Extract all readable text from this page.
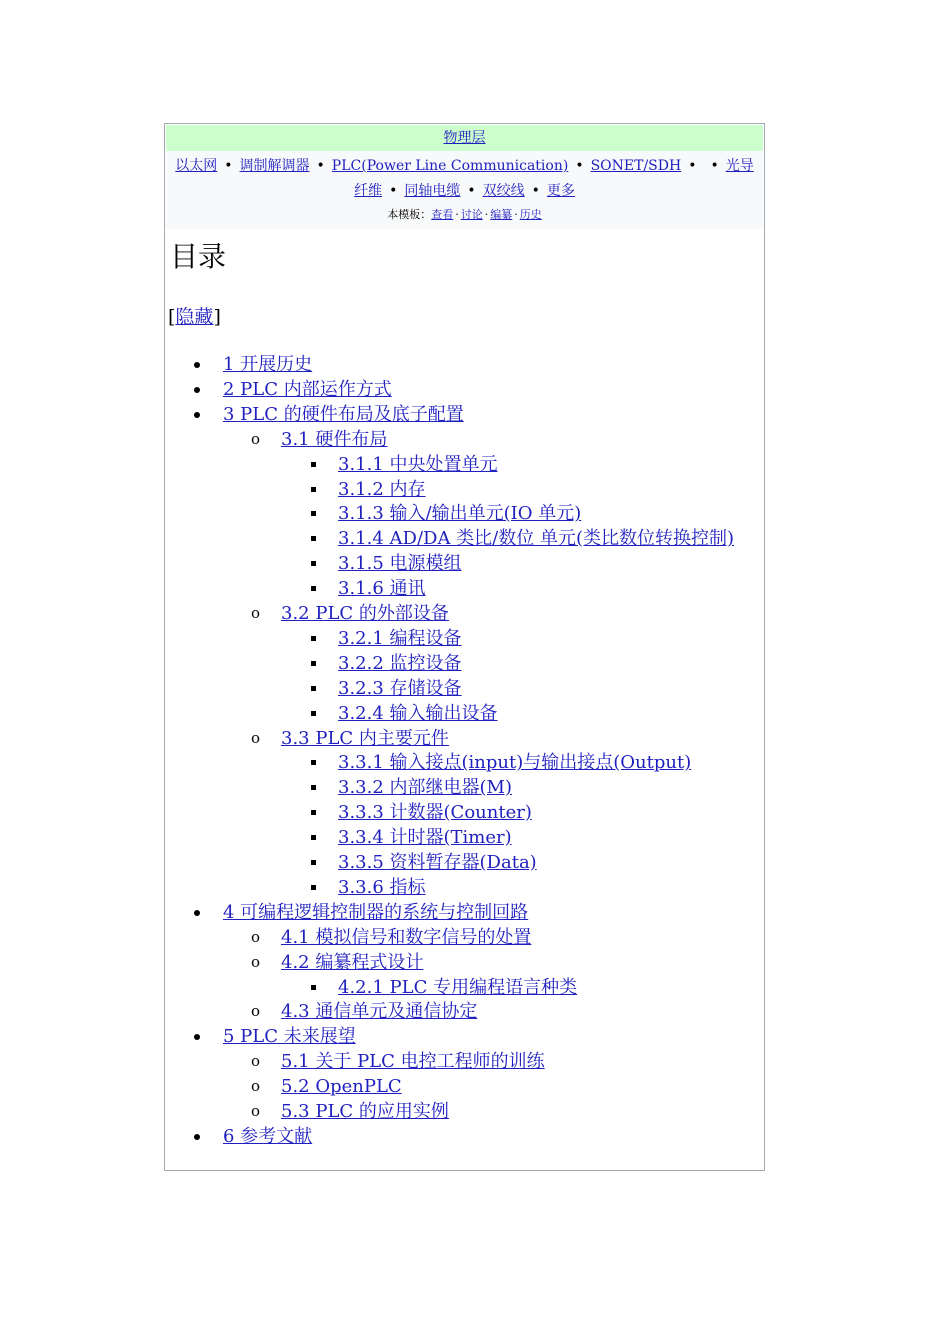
物理层
以太网 • 调制解调器 • PLC(Power Line Communication) • SONET/SDH • • 光导纤维 • 同轴电缆 • 双绞线 • 更多
本模板：查看 · 讨论 · 编纂 · 历史
目录
[隐藏]
1 开展历史
2 PLC 内部运作方式
3 PLC 的硬件布局及底子配置
o 3.1 硬件布局
3.1.1 中央处置单元
3.1.2 内存
3.1.3 输入/输出单元(IO 单元)
3.1.4 AD/DA 类比/数位 单元(类比数位转换控制)
3.1.5 电源模组
3.1.6 通讯
o 3.2 PLC 的外部设备
3.2.1 编程设备
3.2.2 监控设备
3.2.3 存储设备
3.2.4 输入输出设备
o 3.3 PLC 内主要元件
3.3.1 输入接点(input)与输出接点(Output)
3.3.2 内部继电器(M)
3.3.3 计数器(Counter)
3.3.4 计时器(Timer)
3.3.5 资料暂存器(Data)
3.3.6 指标
4 可编程逻辑控制器的系统与控制回路
o 4.1 模拟信号和数字信号的处置
o 4.2 编纂程式设计
4.2.1 PLC 专用编程语言种类
o 4.3 通信单元及通信协定
5 PLC 未来展望
o 5.1 关于 PLC 电控工程师的训练
o 5.2 OpenPLC
o 5.3 PLC 的应用实例
6 参考文献
